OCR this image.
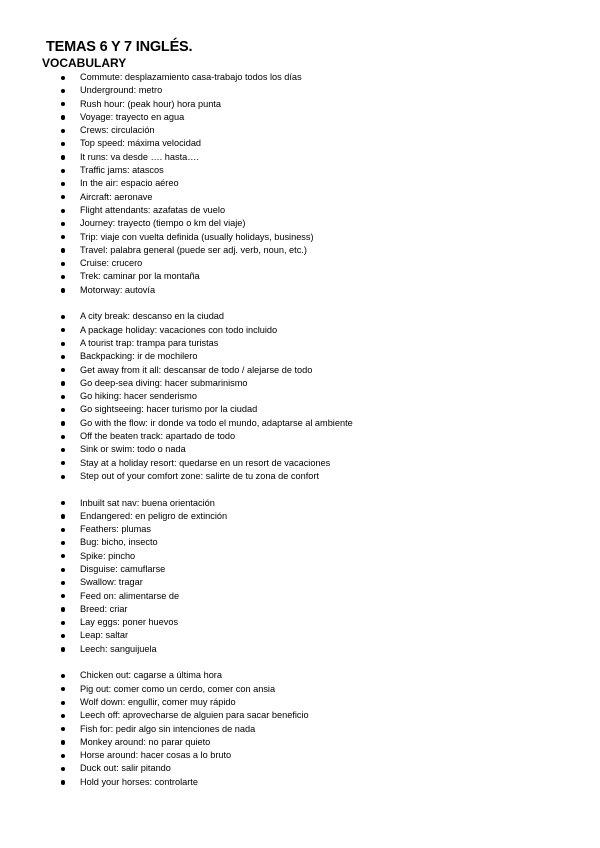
TEMAS 6 Y 7 INGLÉS.
VOCABULARY
Commute: desplazamiento casa-trabajo todos los días
Underground: metro
Rush hour: (peak hour) hora punta
Voyage: trayecto en agua
Crews: circulación
Top speed: máxima velocidad
It runs: va desde …. hasta….
Traffic jams: atascos
In the air: espacio aéreo
Aircraft: aeronave
Flight attendants: azafatas de vuelo
Journey: trayecto (tiempo o km del viaje)
Trip: viaje con vuelta definida (usually holidays, business)
Travel: palabra general (puede ser adj. verb, noun, etc.)
Cruise: crucero
Trek: caminar por la montaña
Motorway: autovía
A city break: descanso en la ciudad
A package holiday: vacaciones con todo incluido
A tourist trap: trampa para turistas
Backpacking: ir de mochilero
Get away from it all: descansar de todo / alejarse de todo
Go deep-sea diving: hacer submarinismo
Go hiking: hacer senderismo
Go sightseeing: hacer turismo por la ciudad
Go with the flow: ir donde va todo el mundo, adaptarse al ambiente
Off the beaten track: apartado de todo
Sink or swim: todo o nada
Stay at a holiday resort: quedarse en un resort de vacaciones
Step out of your comfort zone: salirte de tu zona de confort
Inbuilt sat nav: buena orientación
Endangered: en peligro de extinción
Feathers: plumas
Bug: bicho, insecto
Spike: pincho
Disguise: camuflarse
Swallow: tragar
Feed on: alimentarse de
Breed: criar
Lay eggs: poner huevos
Leap: saltar
Leech: sanguijuela
Chicken out: cagarse a última hora
Pig out: comer como un cerdo, comer con ansia
Wolf down: engullir, comer muy rápido
Leech off: aprovecharse de alguien para sacar beneficio
Fish for: pedir algo sin intenciones de nada
Monkey around: no parar quieto
Horse around: hacer cosas a lo bruto
Duck out: salir pitando
Hold your horses: controlarte
